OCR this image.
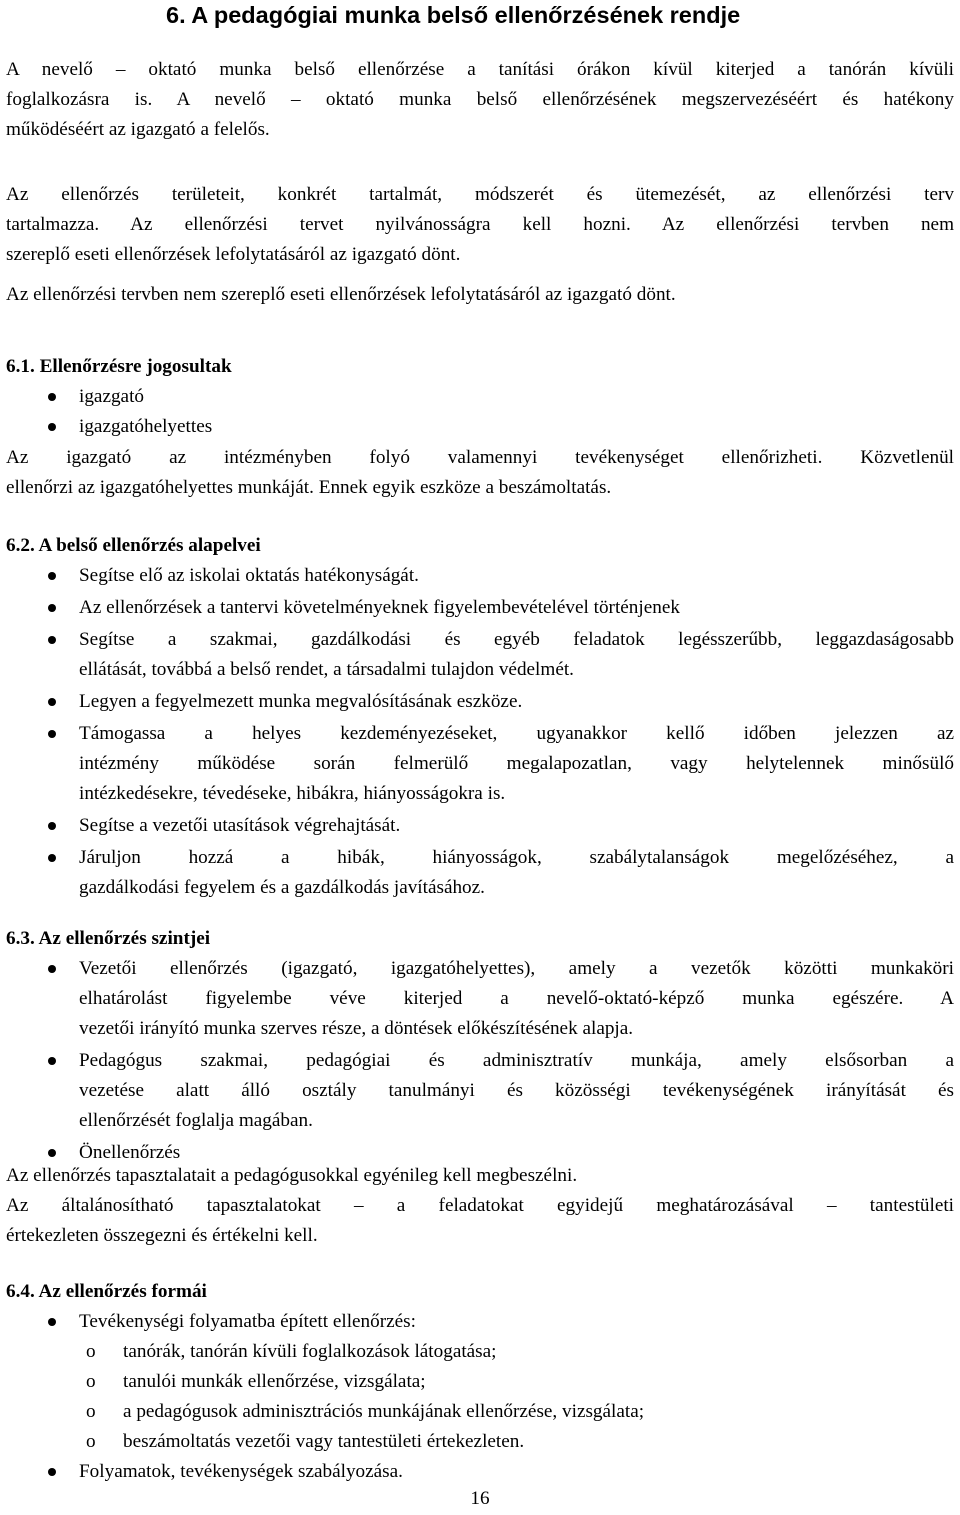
6. A pedagógiai munka belső ellenőrzésének rendje
A nevelő – oktató munka belső ellenőrzése a tanítási órákon kívül kiterjed a tanórán kívüli
foglalkozásra is. A nevelő – oktató munka belső ellenőrzésének megszervezéséért és hatékony
működéséért az igazgató a felelős.
Az ellenőrzés területeit, konkrét tartalmát, módszerét és ütemezését, az ellenőrzési terv
tartalmazza. Az ellenőrzési tervet nyilvánosságra kell hozni. Az ellenőrzési tervben nem
szereplő eseti ellenőrzések lefolytatásáról az igazgató dönt.
Az ellenőrzési tervben nem szereplő eseti ellenőrzések lefolytatásáról az igazgató dönt.
6.1. Ellenőrzésre jogosultak
igazgató
igazgatóhelyettes
Az igazgató az intézményben folyó valamennyi tevékenységet ellenőrizheti. Közvetlenül
ellenőrzi az igazgatóhelyettes munkáját. Ennek egyik eszköze a beszámoltatás.
6.2. A belső ellenőrzés alapelvei
Segítse elő az iskolai oktatás hatékonyságát.
Az ellenőrzések a tantervi követelményeknek figyelembevételével történjenek
Segítse a szakmai, gazdálkodási és egyéb feladatok legésszerűbb, leggazdaságosabb
ellátását, továbbá a belső rendet, a társadalmi tulajdon védelmét.
Legyen a fegyelmezett munka megvalósításának eszköze.
Támogassa a helyes kezdeményezéseket, ugyanakkor kellő időben jelezzen az
intézmény működése során felmerülő megalapozatlan, vagy helytelennek minősülő
intézkedésekre, tévedéseke, hibákra, hiányosságokra is.
Segítse a vezetői utasítások végrehajtását.
Járuljon hozzá a hibák, hiányosságok, szabálytalanságok megelőzéséhez, a
gazdálkodási fegyelem és a gazdálkodás javításához.
6.3. Az ellenőrzés szintjei
Vezetői ellenőrzés (igazgató, igazgatóhelyettes), amely a vezetők közötti munkaköri
elhatárolást figyelembe véve kiterjed a nevelő-oktató-képző munka egészére. A
vezetői irányító munka szerves része, a döntések előkészítésének alapja.
Pedagógus szakmai, pedagógiai és adminisztratív munkája, amely elsősorban a
vezetése alatt álló osztály tanulmányi és közösségi tevékenységének irányítását és
ellenőrzését foglalja magában.
Önellenőrzés
Az ellenőrzés tapasztalatait a pedagógusokkal egyénileg kell megbeszélni.
Az általánosítható tapasztalatokat – a feladatokat egyidejű meghatározásával – tantestületi
értekezleten összegezni és értékelni kell.
6.4. Az ellenőrzés formái
Tevékenységi folyamatba épített ellenőrzés:
o tanórák, tanórán kívüli foglalkozások látogatása;
o tanulói munkák ellenőrzése, vizsgálata;
o a pedagógusok adminisztrációs munkájának ellenőrzése, vizsgálata;
o beszámoltatás vezetői vagy tantestületi értekezleten.
Folyamatok, tevékenységek szabályozása.
16
